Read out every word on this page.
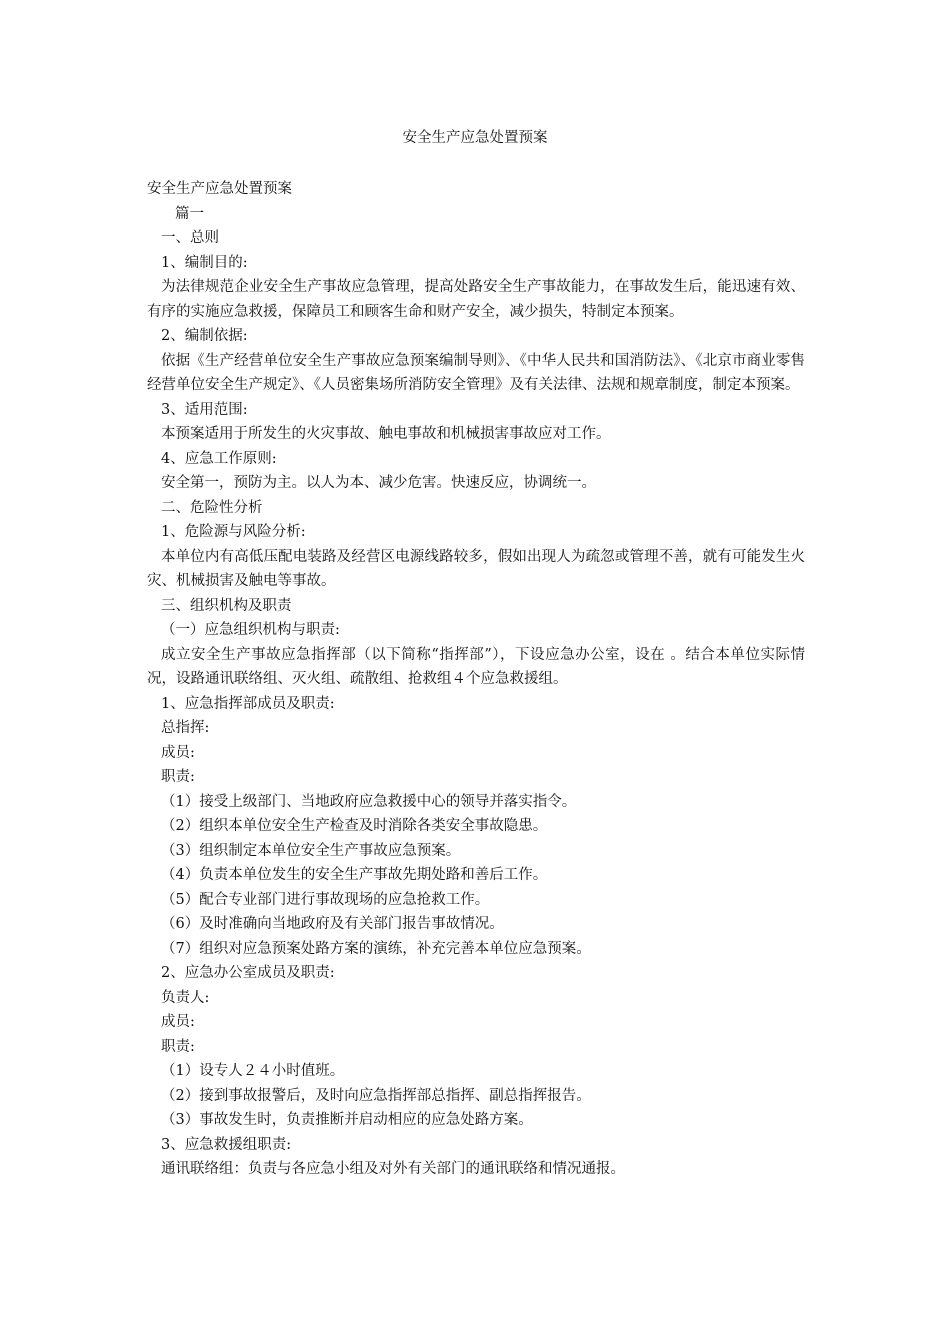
安全生产应急处置预案

安全生产应急处置预案

篇一

一、总则

1、编制目的:

为法律规范企业安全生产事故应急管理，提高处路安全生产事故能力，在事故发生后，能迅速有效、有序的实施应急救援，保障员工和顾客生命和财产安全，减少损失，特制定本预案。

2、编制依据:

依据《生产经营单位安全生产事故应急预案编制导则》、《中华人民共和国消防法》、《北京市商业零售经营单位安全生产规定》、《人员密集场所消防安全管理》及有关法律、法规和规章制度，制定本预案。

3、适用范围:

本预案适用于所发生的火灾事故、触电事故和机械损害事故应对工作。

4、应急工作原则:

安全第一，预防为主。以人为本、减少危害。快速反应，协调统一。

二、危险性分析

1、危险源与风险分析:

本单位内有高低压配电装路及经营区电源线路较多，假如出现人为疏忽或管理不善，就有可能发生火灾、机械损害及触电等事故。

三、组织机构及职责

（一）应急组织机构与职责:

成立安全生产事故应急指挥部（以下简称“指挥部”），下设应急办公室，设在 。结合本单位实际情况，设路通讯联络组、灭火组、疏散组、抢救组４个应急救援组。

1、应急指挥部成员及职责:

总指挥:

成员:

职责:

（1）接受上级部门、当地政府应急救援中心的领导并落实指令。

（2）组织本单位安全生产检查及时消除各类安全事故隐患。

（3）组织制定本单位安全生产事故应急预案。

（4）负责本单位发生的安全生产事故先期处路和善后工作。

（5）配合专业部门进行事故现场的应急抢救工作。

（6）及时准确向当地政府及有关部门报告事故情况。

（7）组织对应急预案处路方案的演练，补充完善本单位应急预案。

2、应急办公室成员及职责:

负责人:

成员:

职责:

（1）设专人２４小时值班。

（2）接到事故报警后，及时向应急指挥部总指挥、副总指挥报告。

（3）事故发生时，负责推断并启动相应的应急处路方案。

3、应急救援组职责:

通讯联络组：负责与各应急小组及对外有关部门的通讯联络和情况通报。
